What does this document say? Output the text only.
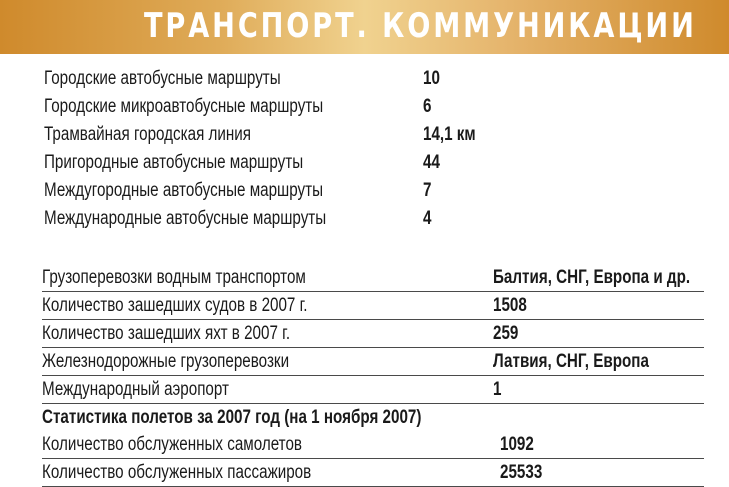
ТРАНСПОРТ. КОММУНИКАЦИИ
Городские автобусные маршруты	10
Городские микроавтобусные маршруты	6
Трамвайная городская линия	14,1 км
Пригородные автобусные маршруты	44
Междугородные автобусные маршруты	7
Международные автобусные маршруты	4
Грузоперевозки водным транспортом	Балтия, СНГ, Европа и др.
Количество зашедших судов в 2007 г.	1508
Количество зашедших яхт в 2007 г.	259
Железнодорожные грузоперевозки	Латвия, СНГ, Европа
Международный аэропорт	1
Статистика полетов за 2007 год (на 1 ноября 2007)
Количество обслуженных самолетов	1092
Количество обслуженных пассажиров	25533
